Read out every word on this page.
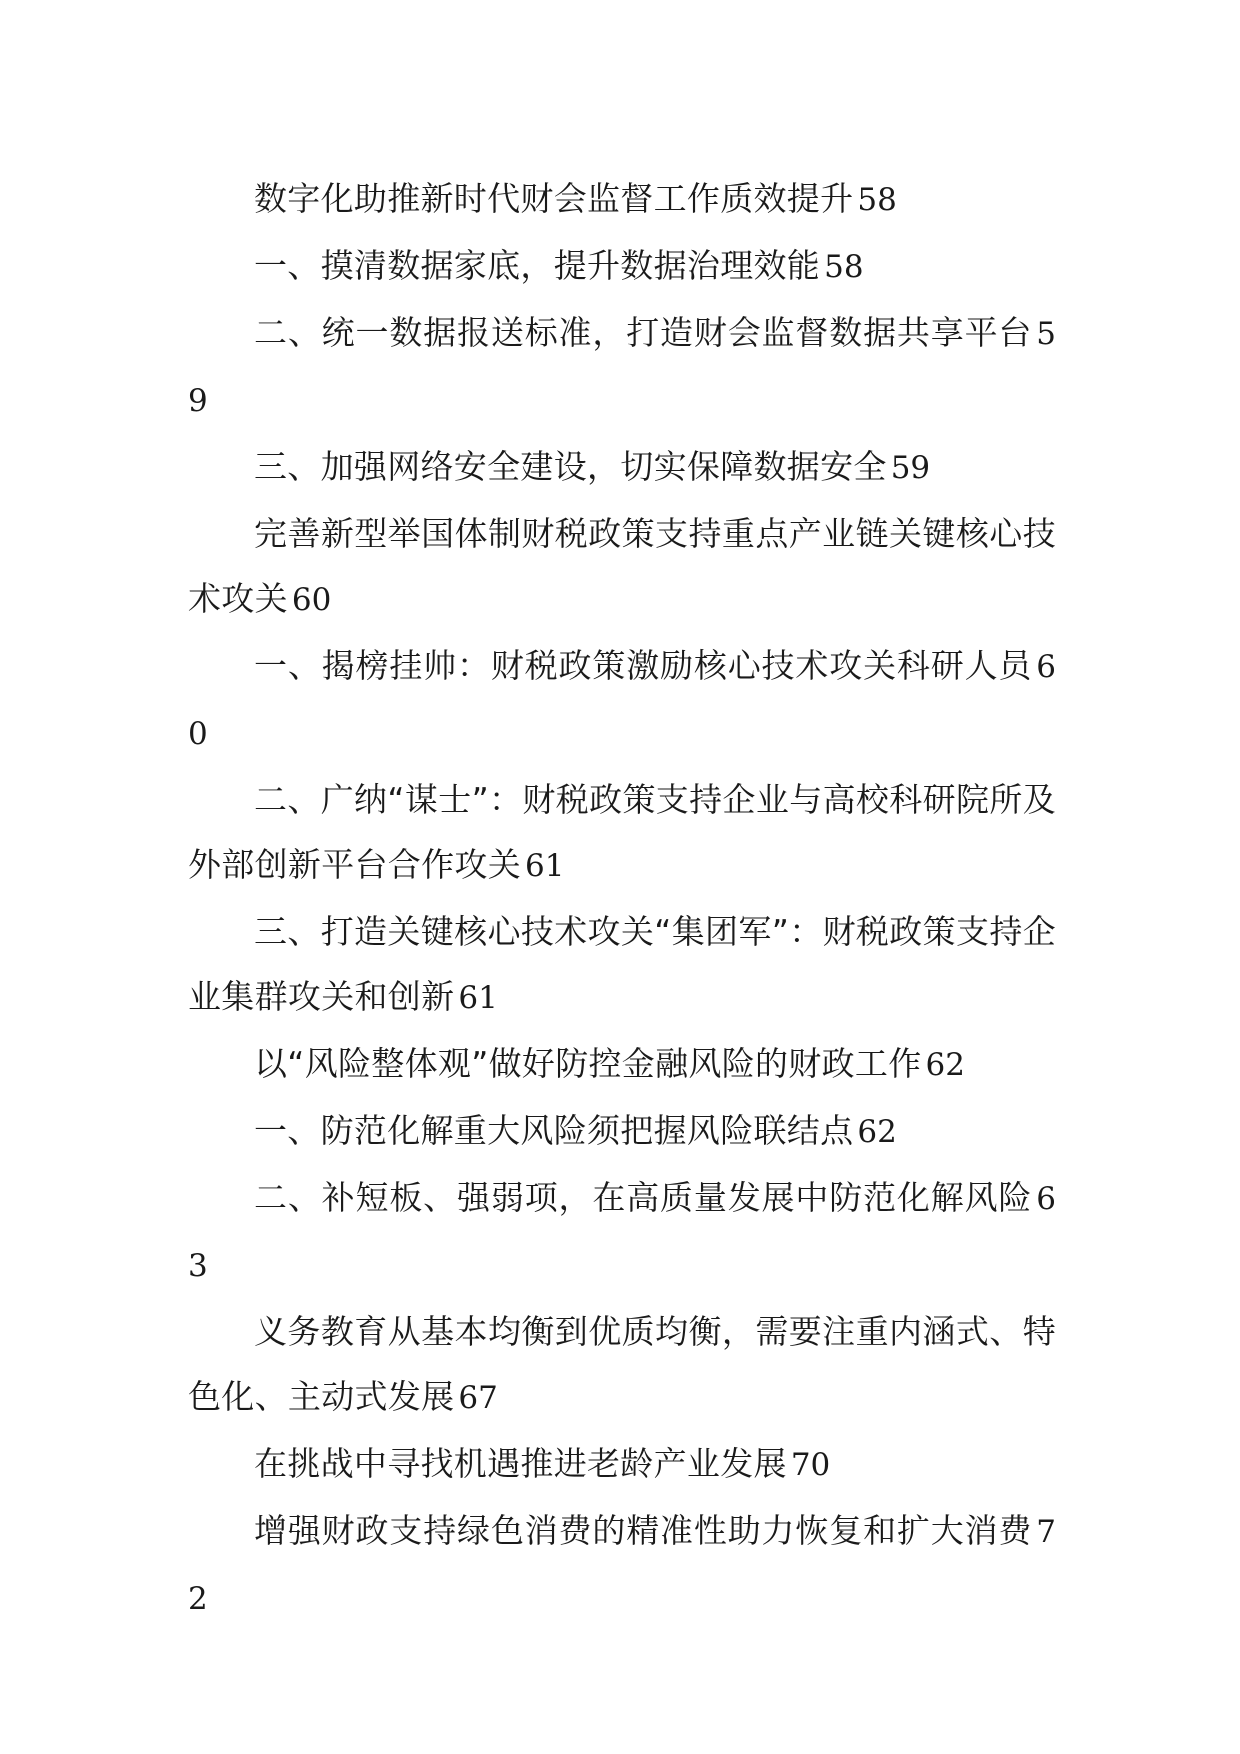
数字化助推新时代财会监督工作质效提升 58

一、摸清数据家底，提升数据治理效能 58

二、统一数据报送标准，打造财会监督数据共享平台 59

三、加强网络安全建设，切实保障数据安全 59

完善新型举国体制财税政策支持重点产业链关键核心技术攻关 60

一、揭榜挂帅：财税政策激励核心技术攻关科研人员 60

二、广纳“谋士”：财税政策支持企业与高校科研院所及外部创新平台合作攻关 61

三、打造关键核心技术攻关“集团军”：财税政策支持企业集群攻关和创新 61

以“风险整体观”做好防控金融风险的财政工作 62

一、防范化解重大风险须把握风险联结点 62

二、补短板、强弱项，在高质量发展中防范化解风险 63

义务教育从基本均衡到优质均衡，需要注重内涵式、特色化、主动式发展 67

在挑战中寻找机遇推进老龄产业发展 70

增强财政支持绿色消费的精准性助力恢复和扩大消费 72
